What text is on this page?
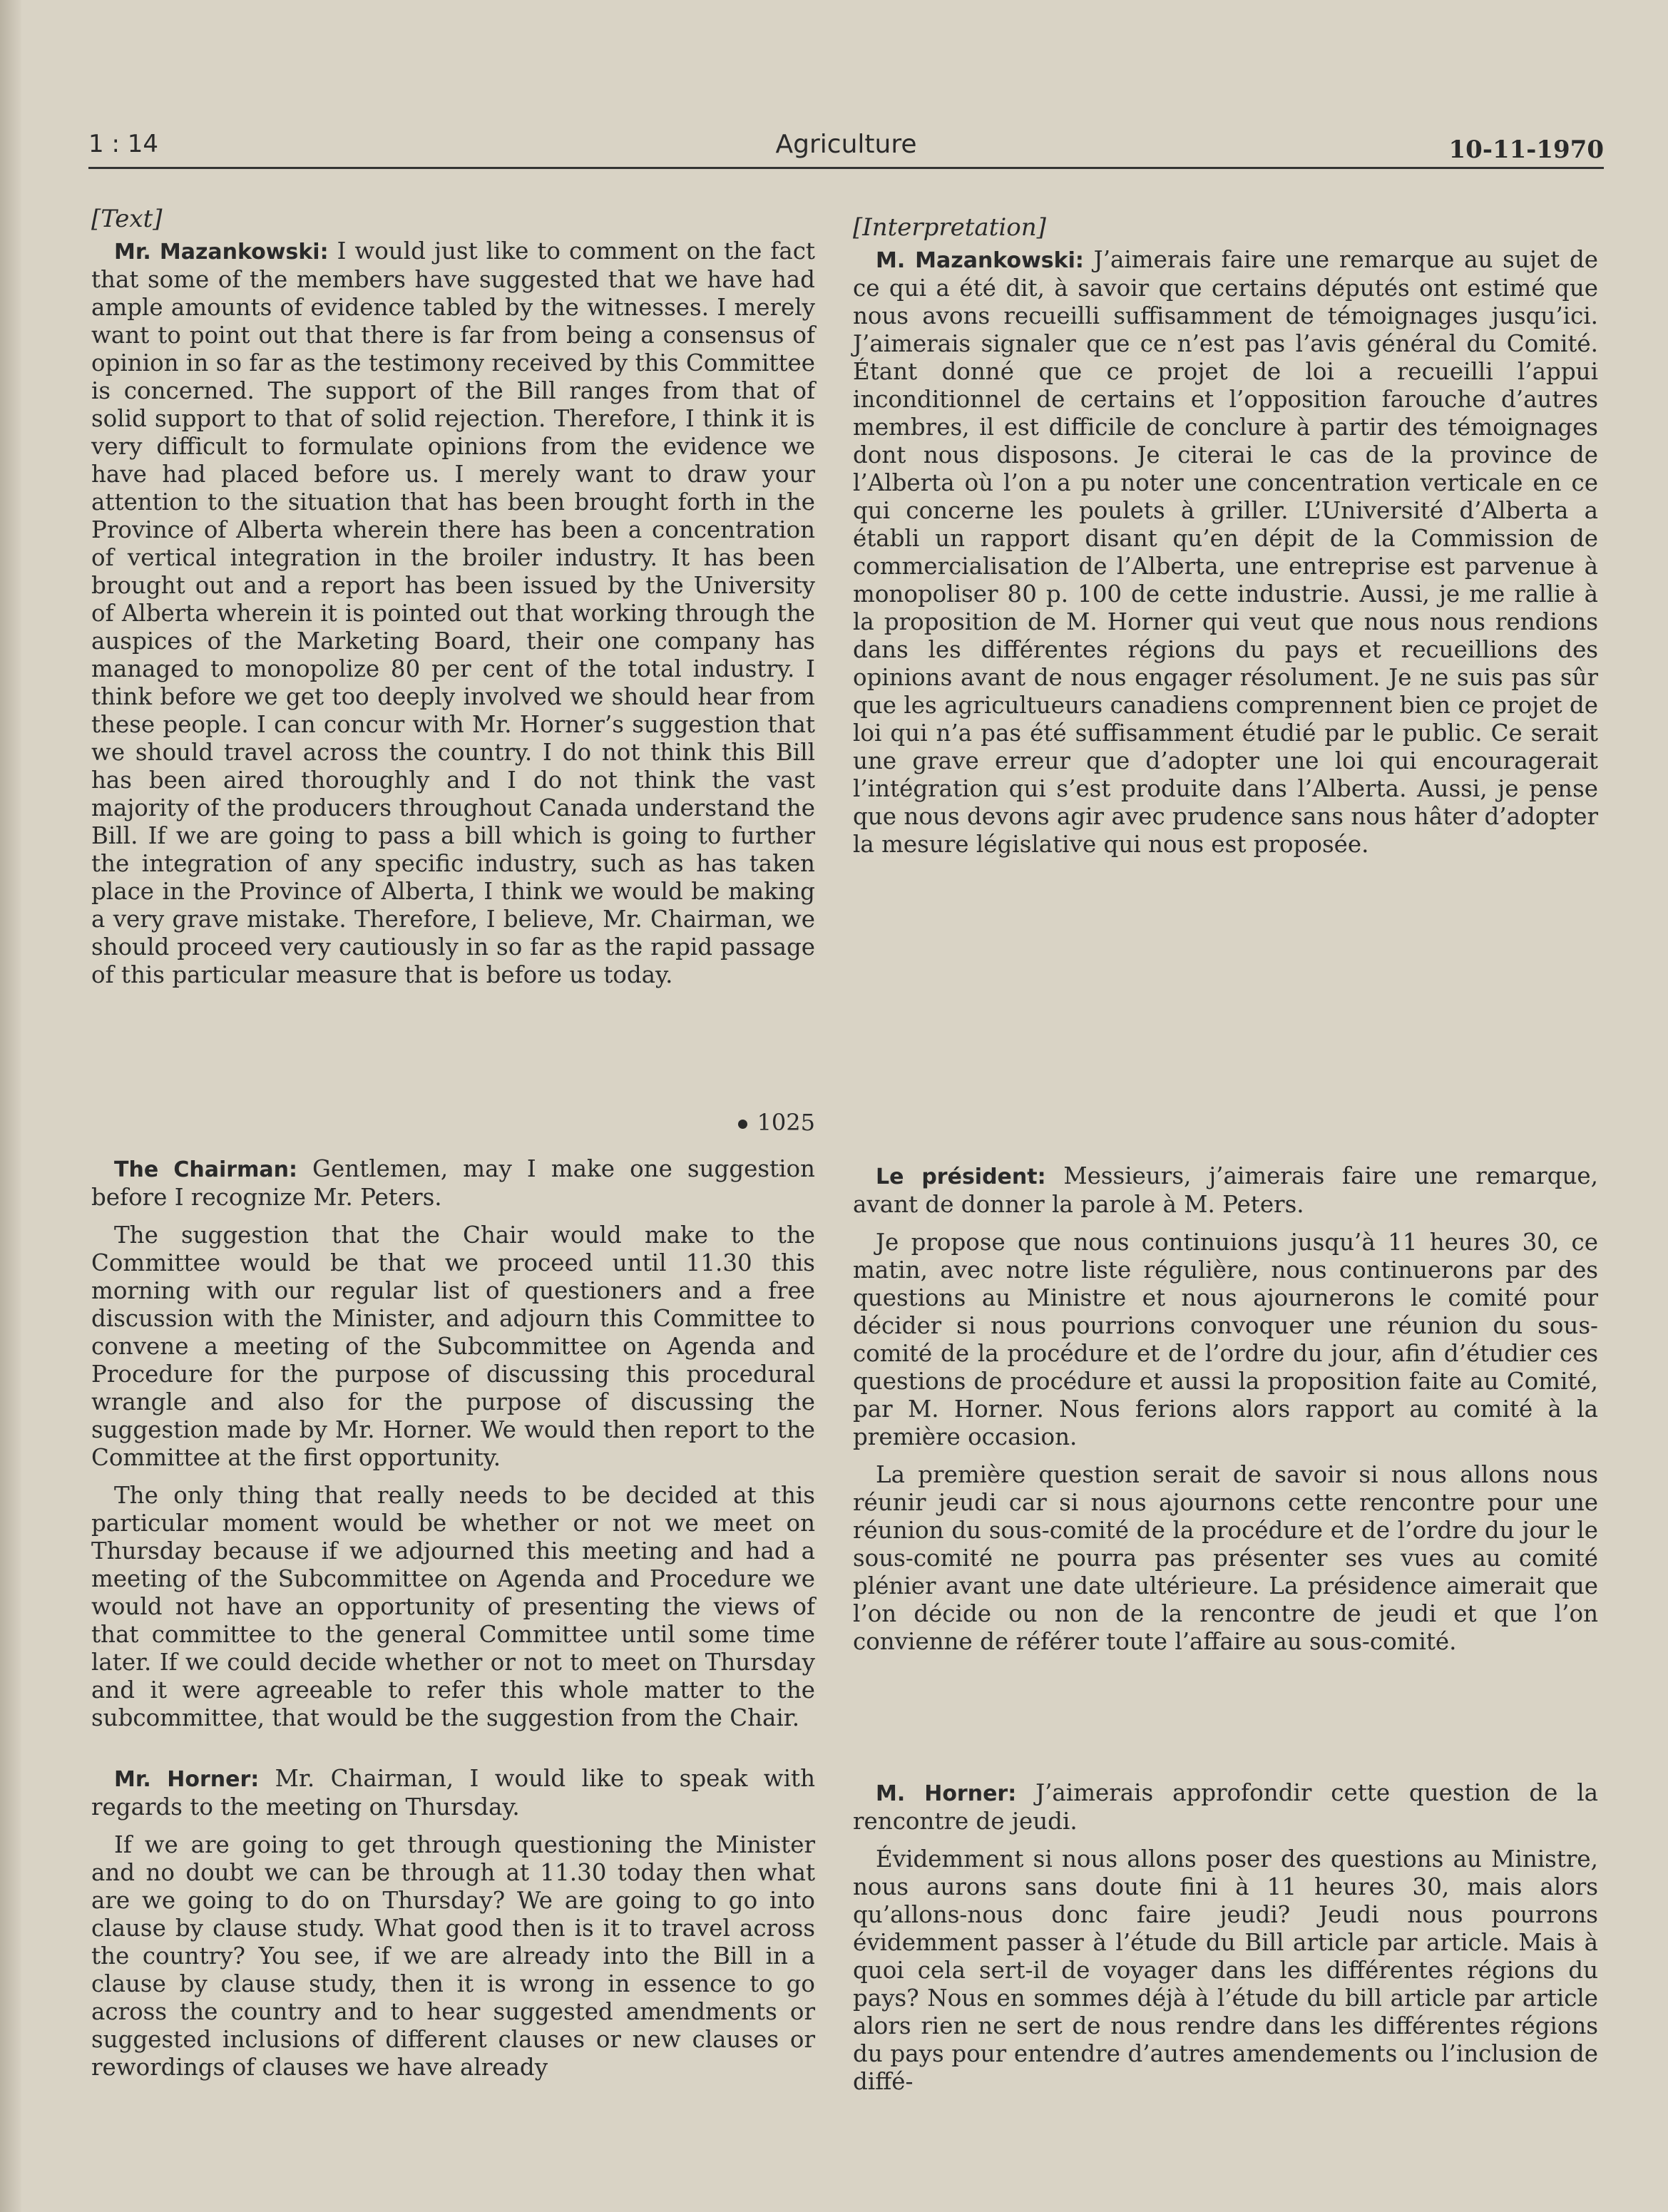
1 : 14	Agriculture	10-11-1970

[Text]

Mr. Mazankowski: I would just like to comment on the fact that some of the members have suggested that we have had ample amounts of evidence tabled by the witnesses. I merely want to point out that there is far from being a consensus of opinion in so far as the testimony received by this Committee is concerned. The support of the Bill ranges from that of solid support to that of solid rejection. Therefore, I think it is very difficult to formulate opinions from the evidence we have had placed before us. I merely want to draw your attention to the situation that has been brought forth in the Province of Alberta wherein there has been a concentration of vertical integration in the broiler industry. It has been brought out and a report has been issued by the University of Alberta wherein it is pointed out that working through the auspices of the Marketing Board, their one company has managed to monopolize 80 per cent of the total industry. I think before we get too deeply involved we should hear from these people. I can concur with Mr. Horner’s suggestion that we should travel across the country. I do not think this Bill has been aired thoroughly and I do not think the vast majority of the producers throughout Canada understand the Bill. If we are going to pass a bill which is going to further the integration of any specific industry, such as has taken place in the Province of Alberta, I think we would be making a very grave mistake. Therefore, I believe, Mr. Chairman, we should proceed very cautiously in so far as the rapid passage of this particular measure that is before us today.

1025

The Chairman: Gentlemen, may I make one suggestion before I recognize Mr. Peters.

The suggestion that the Chair would make to the Committee would be that we proceed until 11.30 this morning with our regular list of questioners and a free discussion with the Minister, and adjourn this Committee to convene a meeting of the Subcommittee on Agenda and Procedure for the purpose of discussing this procedural wrangle and also for the purpose of discussing the suggestion made by Mr. Horner. We would then report to the Committee at the first opportunity.

The only thing that really needs to be decided at this particular moment would be whether or not we meet on Thursday because if we adjourned this meeting and had a meeting of the Subcommittee on Agenda and Procedure we would not have an opportunity of presenting the views of that committee to the general Committee until some time later. If we could decide whether or not to meet on Thursday and it were agreeable to refer this whole matter to the subcommittee, that would be the suggestion from the Chair.

Mr. Horner: Mr. Chairman, I would like to speak with regards to the meeting on Thursday.

If we are going to get through questioning the Minister and no doubt we can be through at 11.30 today then what are we going to do on Thursday? We are going to go into clause by clause study. What good then is it to travel across the country? You see, if we are already into the Bill in a clause by clause study, then it is wrong in essence to go across the country and to hear suggested amendments or suggested inclusions of different clauses or new clauses or rewordings of clauses we have already

[Interpretation]

M. Mazankowski: J’aimerais faire une remarque au sujet de ce qui a été dit, à savoir que certains députés ont estimé que nous avons recueilli suffisamment de témoignages jusqu’ici. J’aimerais signaler que ce n’est pas l’avis général du Comité. Étant donné que ce projet de loi a recueilli l’appui inconditionnel de certains et l’opposition farouche d’autres membres, il est difficile de conclure à partir des témoignages dont nous disposons. Je citerai le cas de la province de l’Alberta où l’on a pu noter une concentration verticale en ce qui concerne les poulets à griller. L’Université d’Alberta a établi un rapport disant qu’en dépit de la Commission de commercialisation de l’Alberta, une entreprise est parvenue à monopoliser 80 p. 100 de cette industrie. Aussi, je me rallie à la proposition de M. Horner qui veut que nous nous rendions dans les différentes régions du pays et recueillions des opinions avant de nous engager résolument. Je ne suis pas sûr que les agricultueurs canadiens comprennent bien ce projet de loi qui n’a pas été suffisamment étudié par le public. Ce serait une grave erreur que d’adopter une loi qui encouragerait l’intégration qui s’est produite dans l’Alberta. Aussi, je pense que nous devons agir avec prudence sans nous hâter d’adopter la mesure législative qui nous est proposée.

Le président: Messieurs, j’aimerais faire une remarque, avant de donner la parole à M. Peters.

Je propose que nous continuions jusqu’à 11 heures 30, ce matin, avec notre liste régulière, nous continuerons par des questions au Ministre et nous ajournerons le comité pour décider si nous pourrions convoquer une réunion du sous-comité de la procédure et de l’ordre du jour, afin d’étudier ces questions de procédure et aussi la proposition faite au Comité, par M. Horner. Nous ferions alors rapport au comité à la première occasion.

La première question serait de savoir si nous allons nous réunir jeudi car si nous ajournons cette rencontre pour une réunion du sous-comité de la procédure et de l’ordre du jour le sous-comité ne pourra pas présenter ses vues au comité plénier avant une date ultérieure. La présidence aimerait que l’on décide ou non de la rencontre de jeudi et que l’on convienne de référer toute l’affaire au sous-comité.

M. Horner: J’aimerais approfondir cette question de la rencontre de jeudi.

Évidemment si nous allons poser des questions au Ministre, nous aurons sans doute fini à 11 heures 30, mais alors qu’allons-nous donc faire jeudi? Jeudi nous pourrons évidemment passer à l’étude du Bill article par article. Mais à quoi cela sert-il de voyager dans les différentes régions du pays? Nous en sommes déjà à l’étude du bill article par article alors rien ne sert de nous rendre dans les différentes régions du pays pour entendre d’autres amendements ou l’inclusion de diffé-
